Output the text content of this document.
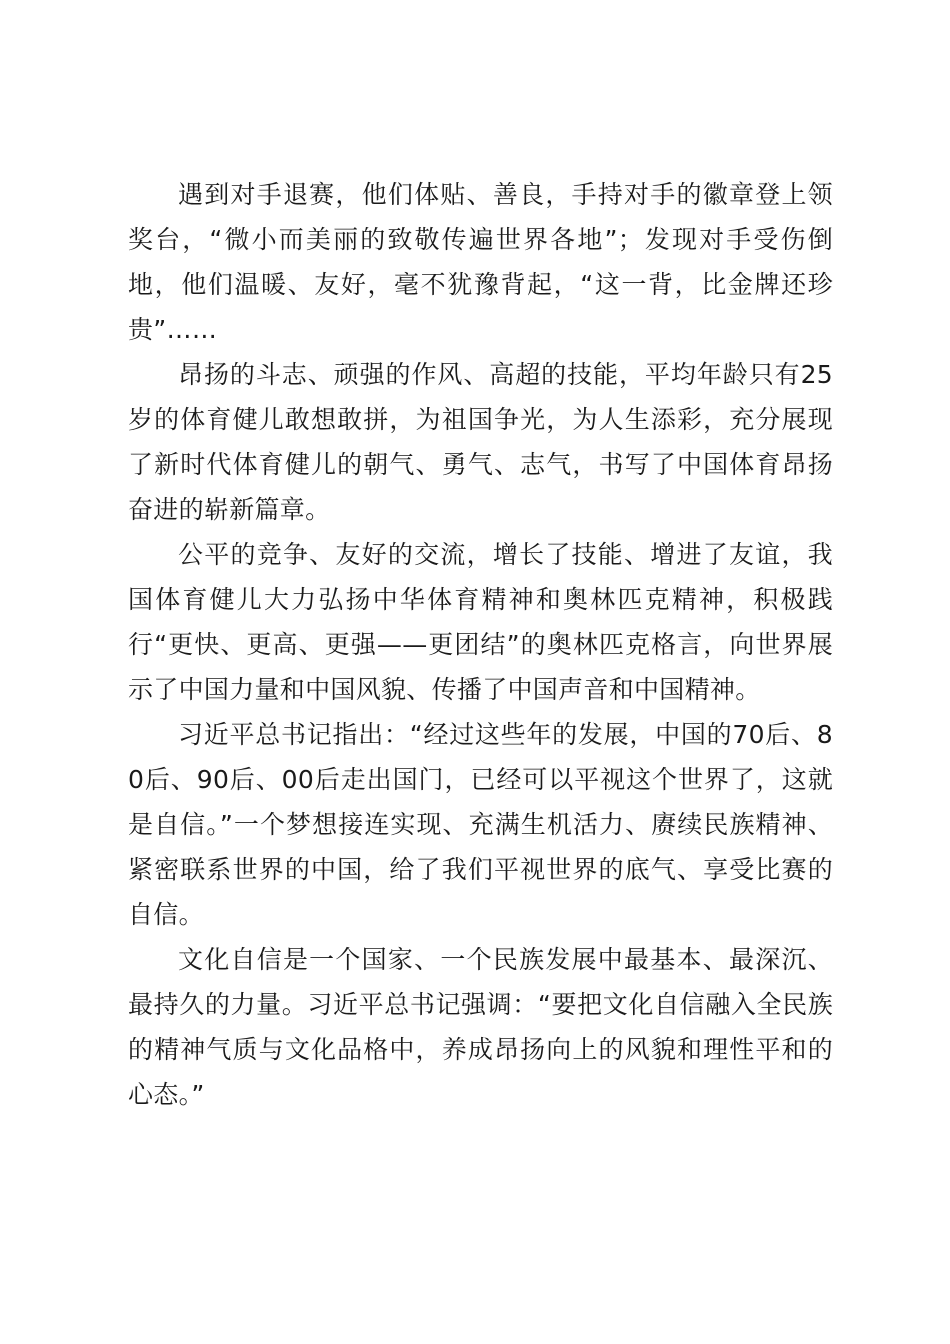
遇到对手退赛，他们体贴、善良，手持对手的徽章登上领奖台，“微小而美丽的致敬传遍世界各地”；发现对手受伤倒地，他们温暖、友好，毫不犹豫背起，“这一背，比金牌还珍贵”……

昂扬的斗志、顽强的作风、高超的技能，平均年龄只有25岁的体育健儿敢想敢拼，为祖国争光，为人生添彩，充分展现了新时代体育健儿的朝气、勇气、志气，书写了中国体育昂扬奋进的崭新篇章。

公平的竞争、友好的交流，增长了技能、增进了友谊，我国体育健儿大力弘扬中华体育精神和奥林匹克精神，积极践行“更快、更高、更强——更团结”的奥林匹克格言，向世界展示了中国力量和中国风貌、传播了中国声音和中国精神。

习近平总书记指出：“经过这些年的发展，中国的70后、80后、90后、00后走出国门，已经可以平视这个世界了，这就是自信。”一个梦想接连实现、充满生机活力、赓续民族精神、紧密联系世界的中国，给了我们平视世界的底气、享受比赛的自信。

文化自信是一个国家、一个民族发展中最基本、最深沉、最持久的力量。习近平总书记强调：“要把文化自信融入全民族的精神气质与文化品格中，养成昂扬向上的风貌和理性平和的心态。”
